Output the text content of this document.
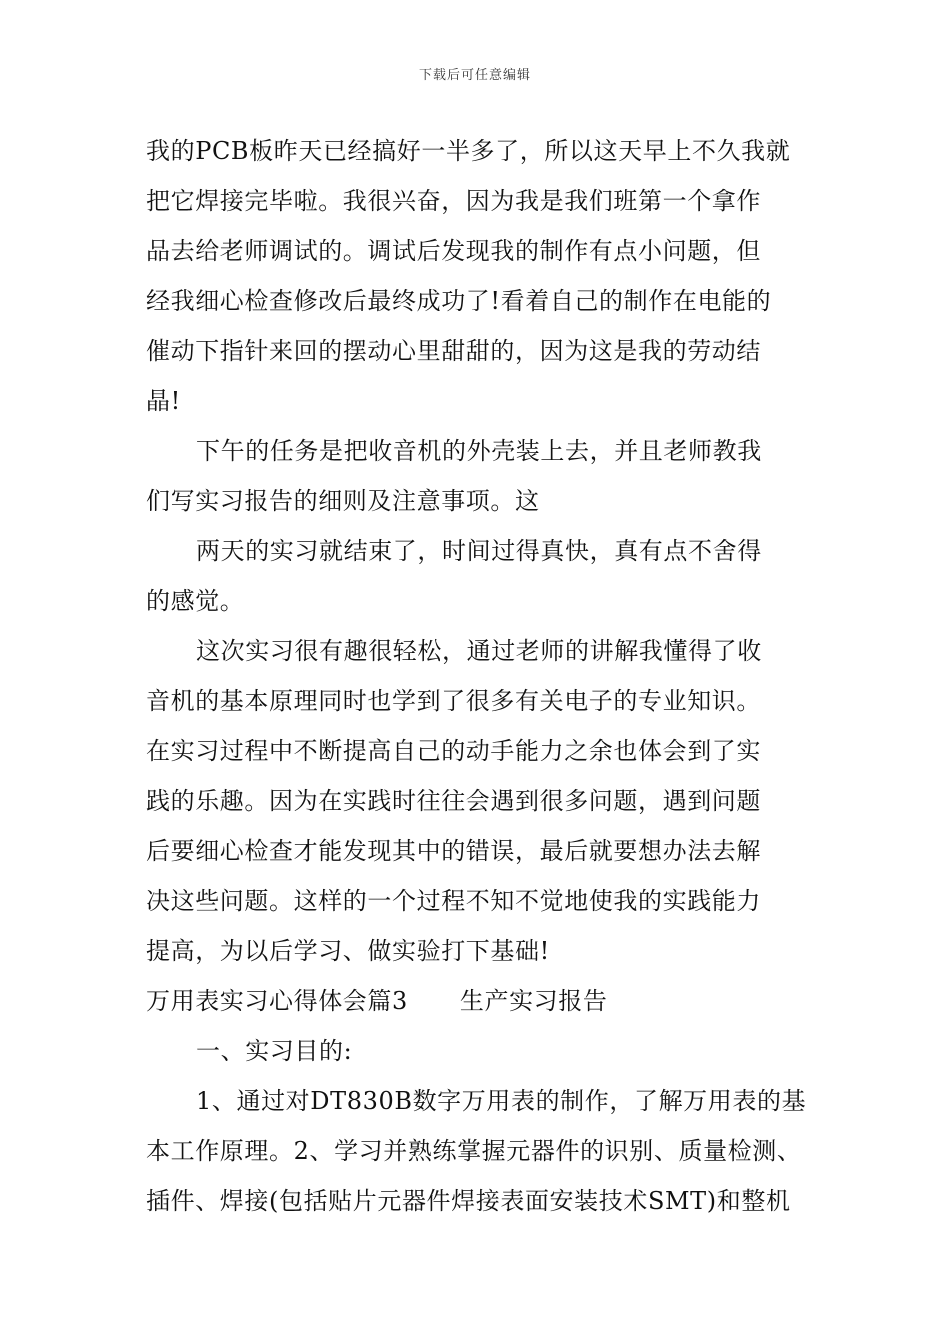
下载后可任意编辑
我的PCB板昨天已经搞好一半多了，所以这天早上不久我就
把它焊接完毕啦。我很兴奋，因为我是我们班第一个拿作
品去给老师调试的。调试后发现我的制作有点小问题，但
经我细心检查修改后最终成功了!看着自己的制作在电能的
催动下指针来回的摆动心里甜甜的，因为这是我的劳动结
晶!
下午的任务是把收音机的外壳装上去，并且老师教我
们写实习报告的细则及注意事项。这
两天的实习就结束了，时间过得真快，真有点不舍得
的感觉。
这次实习很有趣很轻松，通过老师的讲解我懂得了收
音机的基本原理同时也学到了很多有关电子的专业知识。
在实习过程中不断提高自己的动手能力之余也体会到了实
践的乐趣。因为在实践时往往会遇到很多问题，遇到问题
后要细心检查才能发现其中的错误，最后就要想办法去解
决这些问题。这样的一个过程不知不觉地使我的实践能力
提高，为以后学习、做实验打下基础!
万用表实习心得体会篇3 生产实习报告
一、实习目的:
1、通过对DT830B数字万用表的制作，了解万用表的基
本工作原理。2、学习并熟练掌握元器件的识别、质量检测、
插件、焊接(包括贴片元器件焊接表面安装技术SMT)和整机
